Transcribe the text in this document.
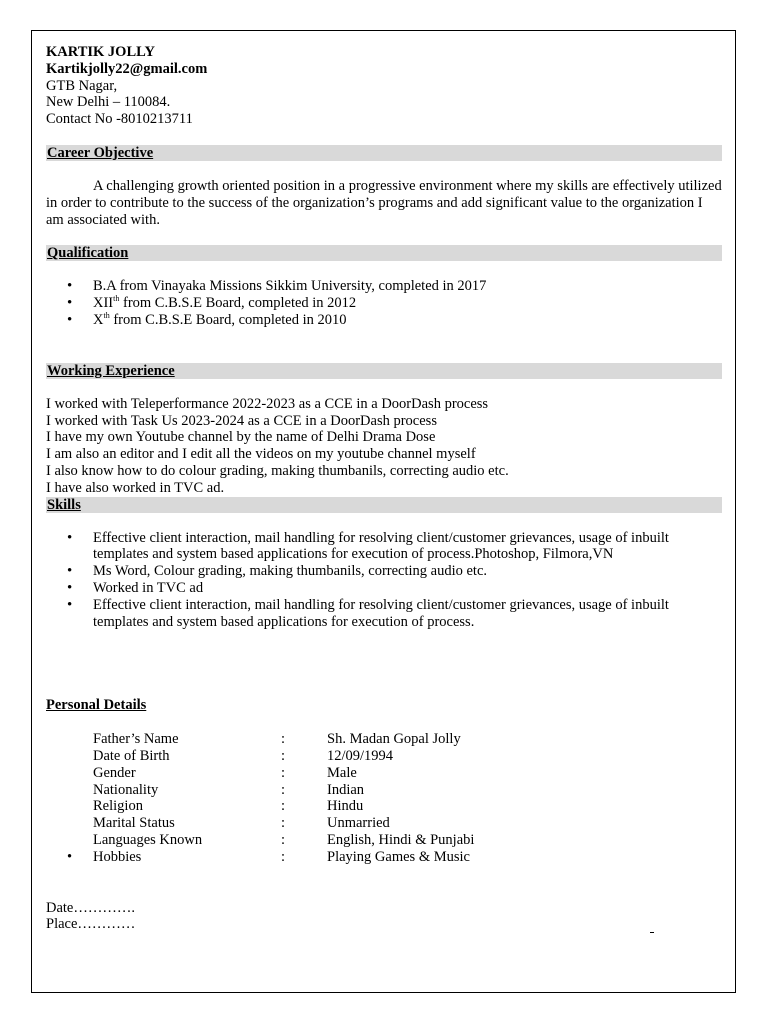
KARTIK JOLLY
Kartikjolly22@gmail.com
GTB Nagar,
New Delhi – 110084.
Contact No -8010213711
Career Objective

A challenging growth oriented position in a progressive environment where my skills are effectively utilized in order to contribute to the success of the organization’s programs and add significant value to the organization I am associated with.

Qualification
• B.A from Vinayaka Missions Sikkim University, completed in 2017
• XIIth from C.B.S.E Board, completed in 2012
• Xth from C.B.S.E Board, completed in 2010
Working Experience
I worked with Teleperformance 2022-2023 as a CCE in a DoorDash process
I worked with Task Us 2023-2024 as a CCE in a DoorDash process
I have my own Youtube channel by the name of Delhi Drama Dose
I am also an editor and I edit all the videos on my youtube channel myself
I also know how to do colour grading, making thumbanils, correcting audio etc.
I have also worked in TVC ad.
Skills
• Effective client interaction, mail handling for resolving client/customer grievances, usage of inbuilt templates and system based applications for execution of process.Photoshop, Filmora,VN
• Ms Word, Colour grading, making thumbanils, correcting audio etc.
• Worked in TVC ad
• Effective client interaction, mail handling for resolving client/customer grievances, usage of inbuilt templates and system based applications for execution of process.
Personal Details
Father’s Name	:	Sh. Madan Gopal Jolly
Date of Birth	:	12/09/1994
Gender	:	Male
Nationality	:	Indian
Religion	:	Hindu
Marital Status	:	Unmarried
Languages Known	:	English, Hindi & Punjabi
• Hobbies	:	Playing Games & Music
Date………….
Place…………
